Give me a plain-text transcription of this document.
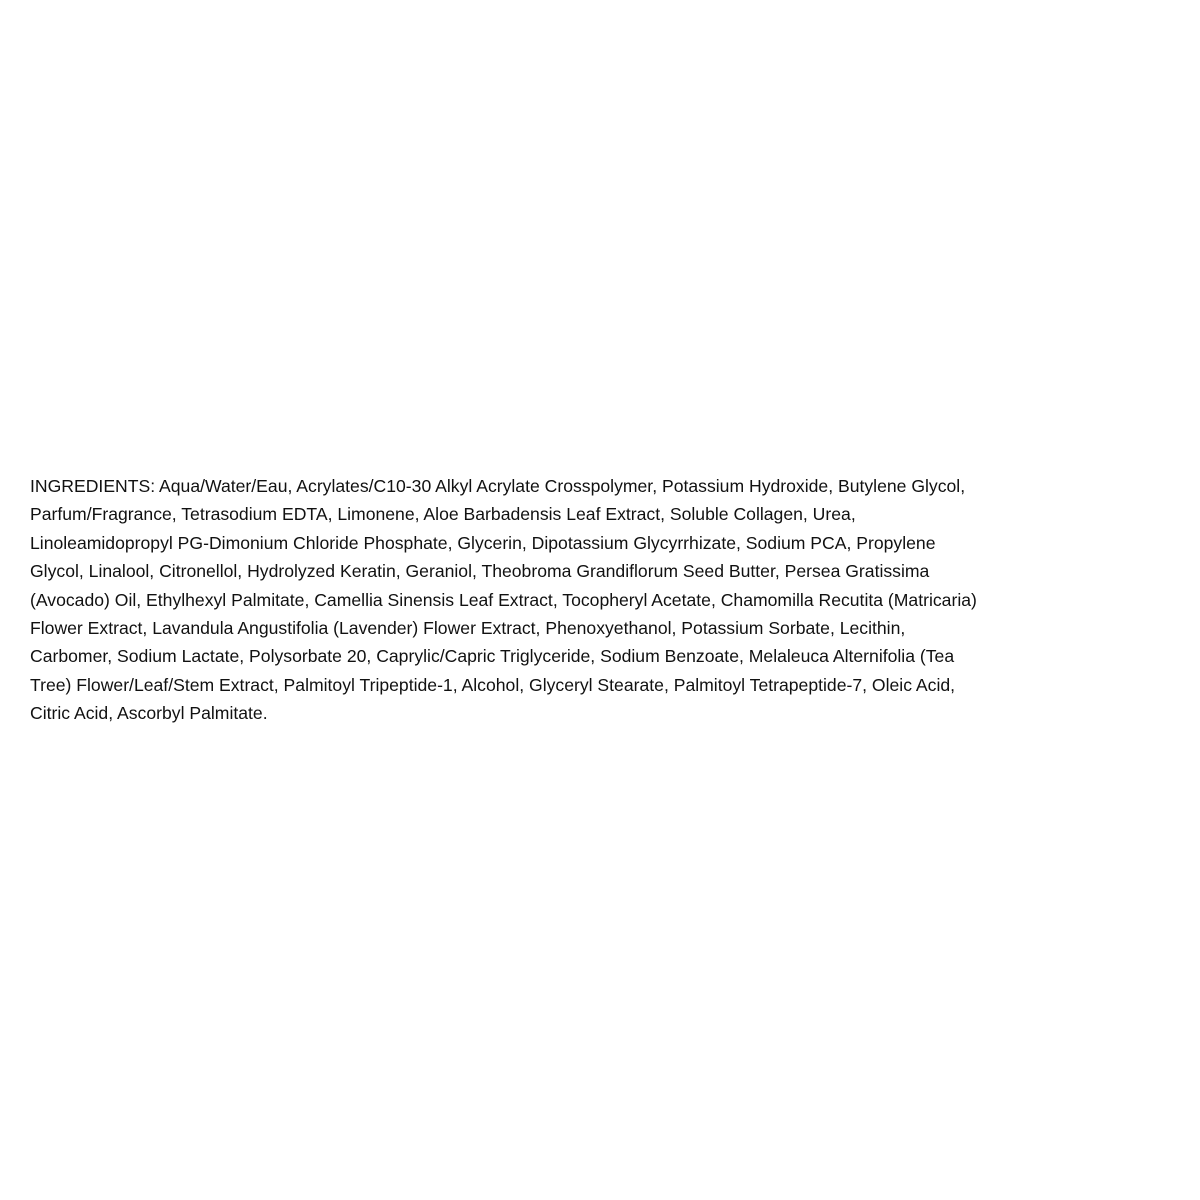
INGREDIENTS: Aqua/Water/Eau, Acrylates/C10-30 Alkyl Acrylate Crosspolymer, Potassium Hydroxide, Butylene Glycol,
Parfum/Fragrance, Tetrasodium EDTA, Limonene, Aloe Barbadensis Leaf Extract, Soluble Collagen, Urea,
Linoleamidopropyl PG-Dimonium Chloride Phosphate, Glycerin, Dipotassium Glycyrrhizate, Sodium PCA, Propylene
Glycol, Linalool, Citronellol, Hydrolyzed Keratin, Geraniol, Theobroma Grandiflorum Seed Butter, Persea Gratissima
(Avocado) Oil, Ethylhexyl Palmitate, Camellia Sinensis Leaf Extract, Tocopheryl Acetate, Chamomilla Recutita (Matricaria)
Flower Extract, Lavandula Angustifolia (Lavender) Flower Extract, Phenoxyethanol, Potassium Sorbate, Lecithin,
Carbomer, Sodium Lactate, Polysorbate 20, Caprylic/Capric Triglyceride, Sodium Benzoate, Melaleuca Alternifolia (Tea
Tree) Flower/Leaf/Stem Extract, Palmitoyl Tripeptide-1, Alcohol, Glyceryl Stearate, Palmitoyl Tetrapeptide-7, Oleic Acid,
Citric Acid, Ascorbyl Palmitate.
